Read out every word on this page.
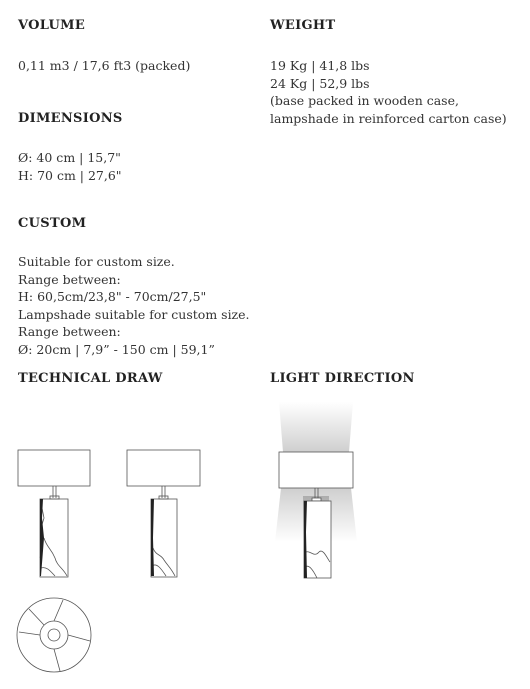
VOLUME

0,11 m3 / 17,6 ft3 (packed)

WEIGHT

19 Kg | 41,8 lbs
24 Kg | 52,9 lbs
(base packed in wooden case,
lampshade in reinforced carton case)

DIMENSIONS

Ø: 40 cm | 15,7"
H: 70 cm | 27,6"

CUSTOM

Suitable for custom size.
Range between:
H: 60,5cm/23,8" - 70cm/27,5"
Lampshade suitable for custom size.
Range between:
Ø: 20cm | 7,9” - 150 cm | 59,1”

TECHNICAL DRAW	LIGHT DIRECTION
